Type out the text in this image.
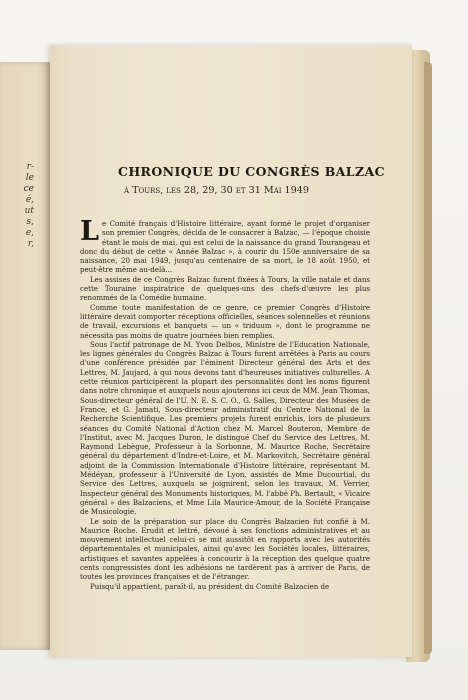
r-
le
ce
é,
ut
s,
e,
r,
CHRONIQUE DU CONGRÈS BALZAC
à Tours, les 28, 29, 30 et 31 Mai 1949

Le Comité français d'Histoire littéraire, ayant formé le projet d'organiser son premier Congrès, décida de le consacrer à Balzac, — l'époque choisie étant le mois de mai, qui est celui de la naissance du grand Tourangeau et donc du début de cette « Année Balzac », à courir du 150e anniversaire de sa naissance, 20 mai 1949, jusqu'au centenaire de sa mort, le 18 août 1950, et peut-être même au-delà...

Les assises de ce Congrès Balzac furent fixées à Tours, la ville natale et dans cette Touraine inspiratrice de quelques-uns des chefs-d'œuvre les plus renommés de la Comédie humaine.

Comme toute manifestation de ce genre, ce premier Congrès d'Histoire littéraire devait comporter réceptions officielles, séances solennelles et réunions de travail, excursions et banquets — un « triduum », dont le programme ne nécessita pas moins de quatre journées bien remplies.

Sous l'actif patronage de M. Yvon Delbos, Ministre de l'Education Nationale, les lignes générales du Congrès Balzac à Tours furent arrêtées à Paris au cours d'une conférence présidée par l'éminent Directeur général des Arts et des Lettres, M. Jaujard, à qui nous devons tant d'heureuses initiatives culturelles. A cette réunion participèrent la plupart des personnalités dont les noms figurent dans notre chronique et auxquels nous ajouterons ici ceux de MM. Jean Thomas, Sous-directeur général de l'U. N. E. S. C. O., G. Salles, Directeur des Musées de France, et G. Jamati, Sous-directeur administratif du Centre National de la Recherche Scientifique. Les premiers projets furent enrichis, lors de plusieurs séances du Comité National d'Action chez M. Marcel Bouteron, Membre de l'Institut, avec M. Jacques Duron, le distingué Chef du Service des Lettres, M. Raymond Lebègue, Professeur à la Sorbonne, M. Maurice Roche, Secrétaire général du département d'Indre-et-Loire, et M. Markovitch, Secrétaire général adjoint de la Commission Internationale d'Histoire littéraire, représentant M. Médéyan, professeur à l'Université de Lyon, assistés de Mme Ducourtial, du Service des Lettres, auxquels se joignirent, selon les travaux, M. Verrier, Inspecteur général des Monuments historiques, M. l'abbé Ph. Bertault, « Vicaire général » des Balzaciens, et Mme Lila Maurice-Amour, de la Société Française de Musicologie.

Le soin de la préparation sur place du Congrès Balzacien fut confié à M. Maurice Roche. Erudit et lettré, dévoué à ses fonctions administratives et au mouvement intellectuel celui-ci se mit aussitôt en rapports avec les autorités départementales et municipales, ainsi qu'avec les Sociétés locales, littéraires, artistiques et savantes appelées à concourir à la réception des quelque quatre cents congressistes dont les adhésions ne tardèrent pas à arriver de Paris, de toutes les provinces françaises et de l'étranger.

Puisqu'il appartient, paraît-il, au président du Comité Balzacien de
